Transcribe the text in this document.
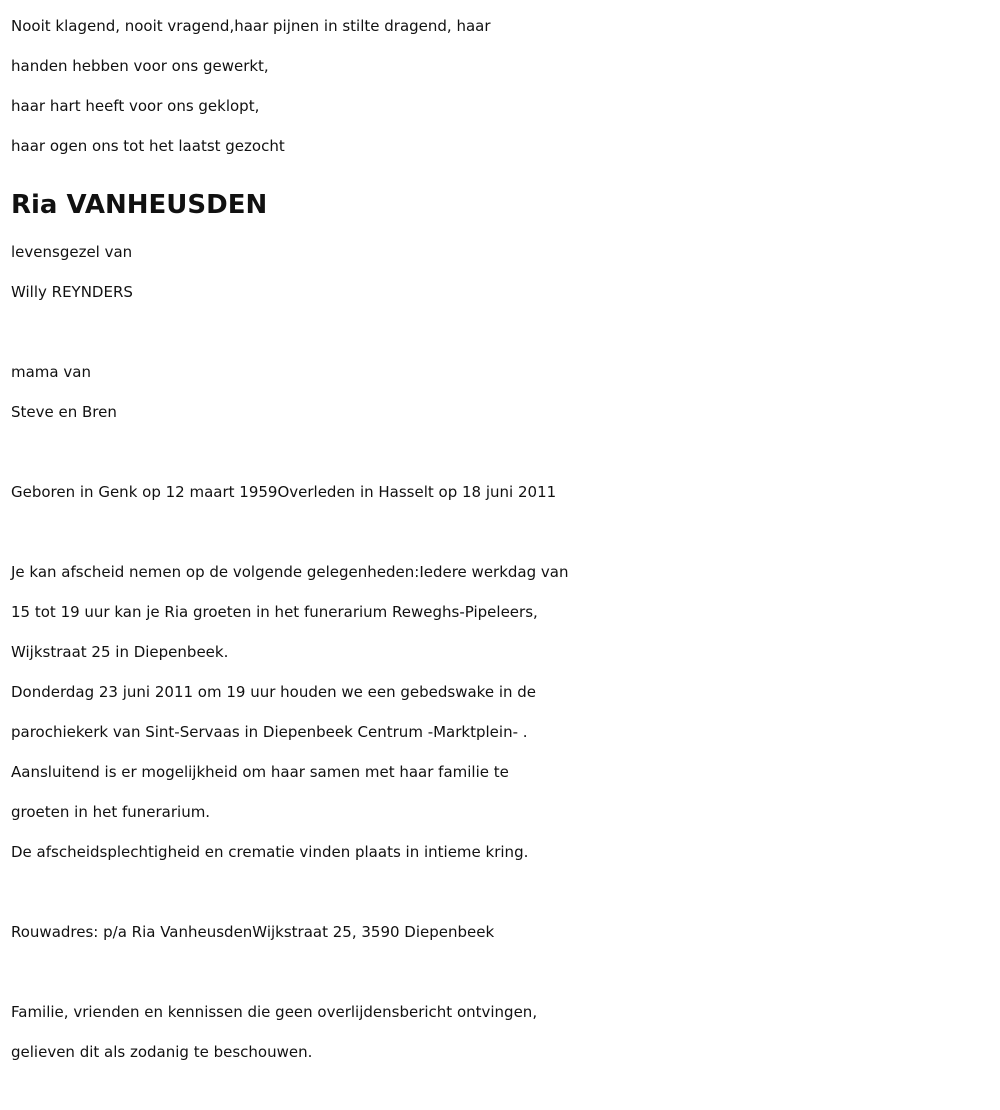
Nooit klagend, nooit vragend,haar pijnen in stilte dragend, haar
handen hebben voor ons gewerkt,
haar hart heeft voor ons geklopt,
haar ogen ons tot het laatst gezocht
Ria VANHEUSDEN
levensgezel van
Willy REYNDERS
mama van
Steve en Bren
Geboren in Genk op 12 maart 1959Overleden in Hasselt op 18 juni 2011
Je kan afscheid nemen op de volgende gelegenheden:Iedere werkdag van
15 tot 19 uur kan je Ria groeten in het funerarium Reweghs-Pipeleers,
Wijkstraat 25 in Diepenbeek.
Donderdag 23 juni 2011 om 19 uur houden we een gebedswake in de
parochiekerk van Sint-Servaas in Diepenbeek Centrum -Marktplein- .
Aansluitend is er mogelijkheid om haar samen met haar familie te
groeten in het funerarium.
De afscheidsplechtigheid en crematie vinden plaats in intieme kring.
Rouwadres: p/a Ria VanheusdenWijkstraat 25, 3590 Diepenbeek
Familie, vrienden en kennissen die geen overlijdensbericht ontvingen,
gelieven dit als zodanig te beschouwen.
